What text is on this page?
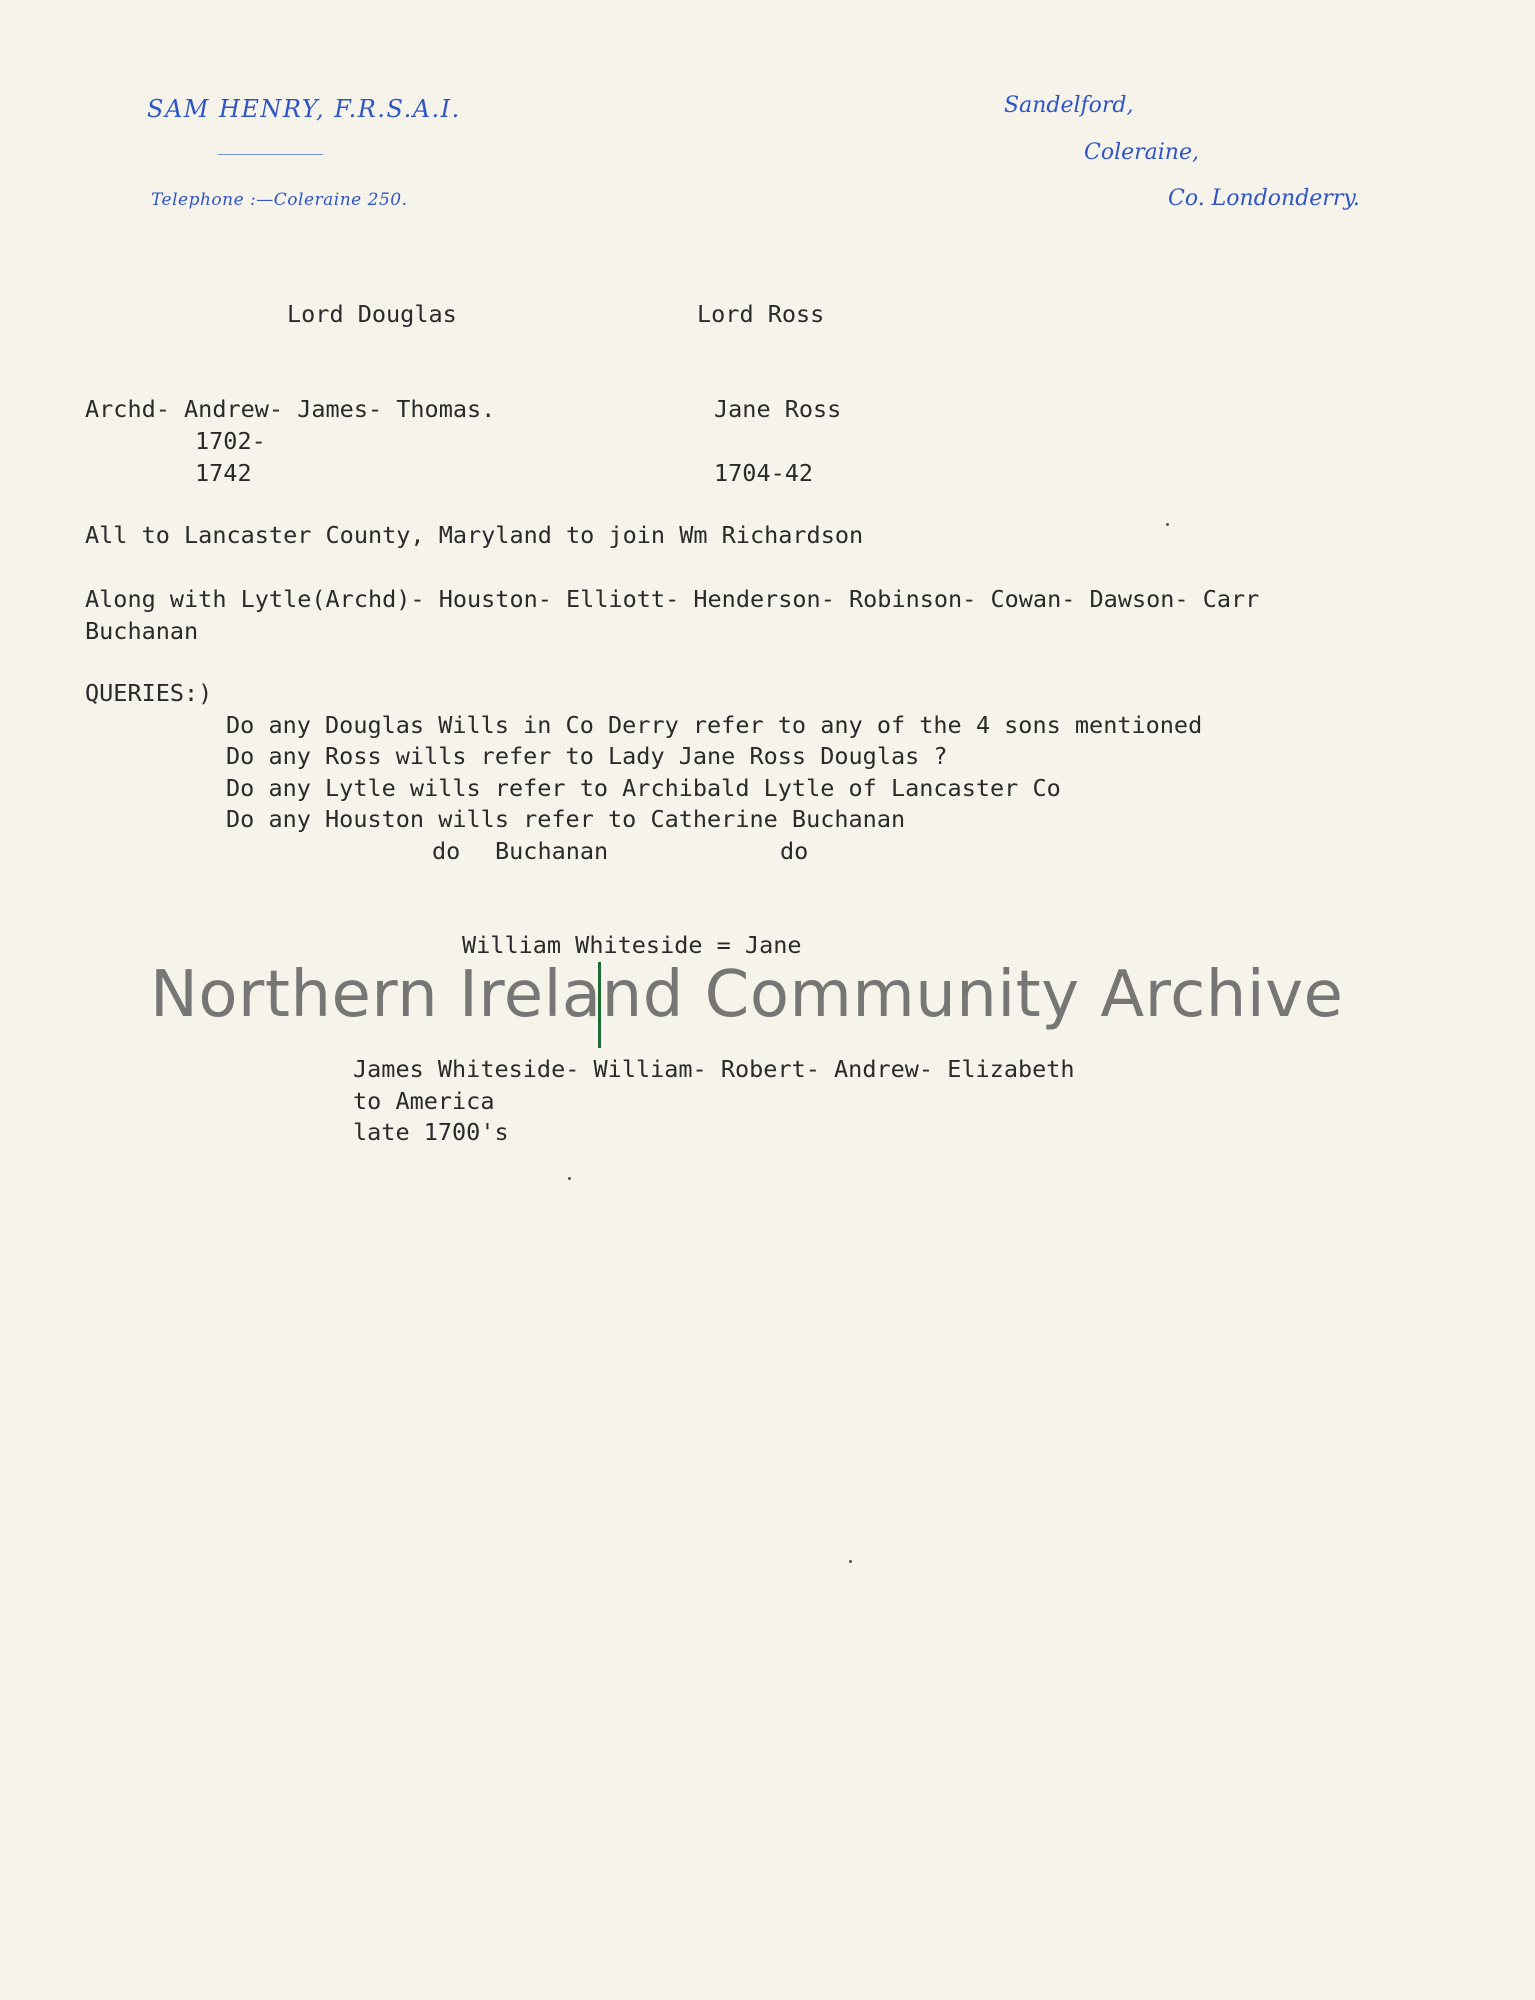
SAM HENRY, F.R.S.A.I.
Telephone :—Coleraine 250.
Sandelford,
Coleraine,
Co. Londonderry.
Lord Douglas	Lord Ross
Archd- Andrew- James- Thomas.
1702-
1742
Jane Ross
1704-42
All to Lancaster County, Maryland to join Wm Richardson
Along with Lytle(Archd)- Houston- Elliott- Henderson- Robinson- Cowan- Dawson- Carr
Buchanan
QUERIES:)
Do any Douglas Wills in Co Derry refer to any of the 4 sons mentioned
Do any Ross wills refer to Lady Jane Ross Douglas ?
Do any Lytle wills refer to Archibald Lytle of Lancaster Co
Do any Houston wills refer to Catherine Buchanan
do Buchanan	do
William Whiteside = Jane
James Whiteside- William- Robert- Andrew- Elizabeth
to America
late 1700's
Northern Ireland Community Archive
